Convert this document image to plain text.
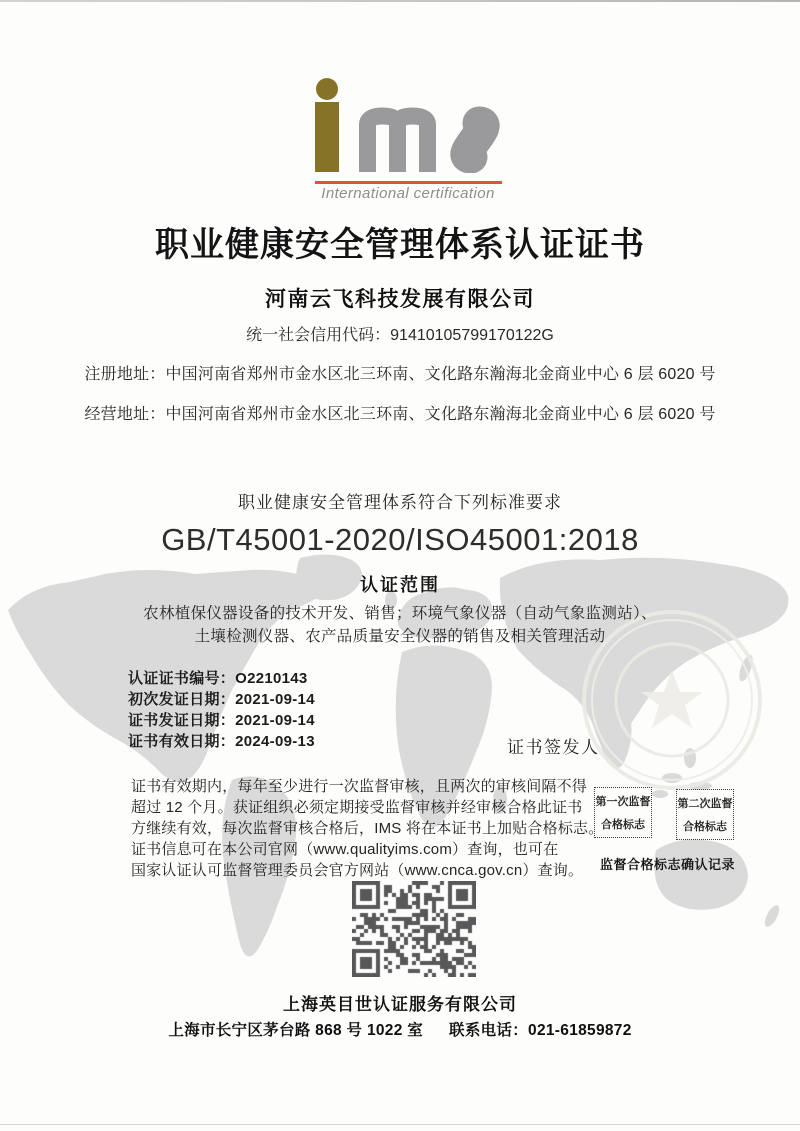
International certification
职业健康安全管理体系认证证书
河南云飞科技发展有限公司
统一社会信用代码：91410105799170122G
注册地址：中国河南省郑州市金水区北三环南、文化路东瀚海北金商业中心 6 层 6020 号
经营地址：中国河南省郑州市金水区北三环南、文化路东瀚海北金商业中心 6 层 6020 号
职业健康安全管理体系符合下列标准要求
GB/T45001-2020/ISO45001:2018
认证范围
农林植保仪器设备的技术开发、销售；环境气象仪器（自动气象监测站）、
土壤检测仪器、农产品质量安全仪器的销售及相关管理活动
认证证书编号：O2210143
初次发证日期：2021-09-14
证书发证日期：2021-09-14
证书有效日期：2024-09-13	证书签发人
证书有效期内，每年至少进行一次监督审核，且两次的审核间隔不得
超过 12 个月。获证组织必须定期接受监督审核并经审核合格此证书
方继续有效，每次监督审核合格后，IMS 将在本证书上加贴合格标志。
证书信息可在本公司官网（www.qualityims.com）查询，也可在
国家认证认可监督管理委员会官方网站（www.cnca.gov.cn）查询。
第一次监督
合格标志
第二次监督
合格标志
监督合格标志确认记录
上海英目世认证服务有限公司
上海市长宁区茅台路 868 号 1022 室 联系电话：021-61859872
